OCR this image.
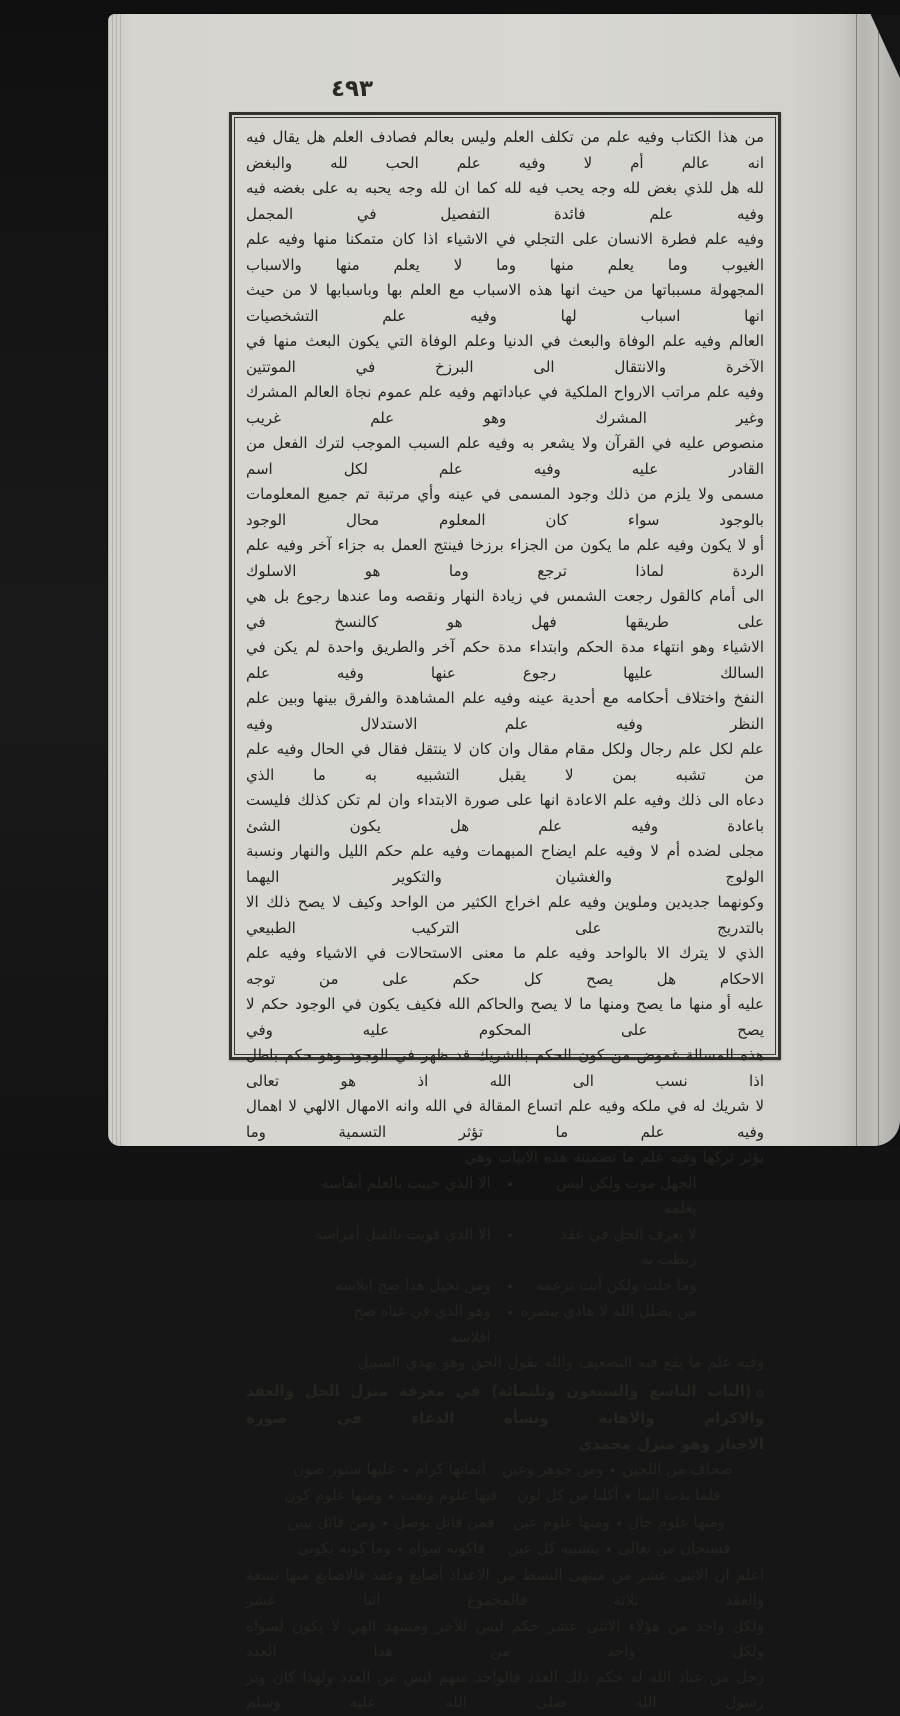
٤٩٣
من هذا الكتاب وفيه علم من تكلف العلم وليس بعالم فصادف العلم هل يقال فيه انه عالم أم لا وفيه علم الحب لله والبغض
لله هل للذي بغض لله وجه يحب فيه لله كما ان لله وجه يحبه به على بغضه فيه وفيه علم فائدة التفصيل في المجمل
وفيه علم فطرة الانسان على التجلي في الاشياء اذا كان متمكنا منها وفيه علم الغيوب وما يعلم منها وما لا يعلم منها والاسباب
المجهولة مسبباتها من حيث انها هذه الاسباب مع العلم بها وباسبابها لا من حيث انها اسباب لها وفيه علم التشخصيات
العالم وفيه علم الوفاة والبعث في الدنيا وعلم الوفاة التي يكون البعث منها في الآخرة والانتقال الى البرزخ في الموتتين
وفيه علم مراتب الارواح الملكية في عباداتهم وفيه علم عموم نجاة العالم المشرك وغير المشرك وهو علم غريب
منصوص عليه في القرآن ولا يشعر به وفيه علم السبب الموجب لترك الفعل من القادر عليه وفيه علم لكل اسم
مسمى ولا يلزم من ذلك وجود المسمى في عينه وأي مرتبة تم جميع المعلومات بالوجود سواء كان المعلوم محال الوجود
أو لا يكون وفيه علم ما يكون من الجزاء برزخا فينتج العمل به جزاء آخر وفيه علم الردة لماذا ترجع وما هو الاسلوك
الى أمام كالقول رجعت الشمس في زيادة النهار ونقصه وما عندها رجوع بل هي على طريقها فهل هو كالنسخ في
الاشياء وهو انتهاء مدة الحكم وابتداء مدة حكم آخر والطريق واحدة لم يكن في السالك عليها رجوع عنها وفيه علم
النفخ واختلاف أحكامه مع أحدية عينه وفيه علم المشاهدة والفرق بينها وبين علم النظر وفيه علم الاستدلال وفيه
علم لكل علم رجال ولكل مقام مقال وان كان لا ينتقل فقال في الحال وفيه علم من تشبه بمن لا يقبل التشبيه به ما الذي
دعاه الى ذلك وفيه علم الاعادة انها على صورة الابتداء وان لم تكن كذلك فليست باعادة وفيه علم هل يكون الشئ
مجلى لضده أم لا وفيه علم ايضاح المبهمات وفيه علم حكم الليل والنهار ونسبة الولوج والغشيان والتكوير اليهما
وكونهما جديدين وملوين وفيه علم اخراج الكثير من الواحد وكيف لا يصح ذلك الا بالتدريج على التركيب الطبيعي
الذي لا يترك الا بالواحد وفيه علم ما معنى الاستحالات في الاشياء وفيه علم الاحكام هل يصح كل حكم على من توجه
عليه أو منها ما يصح ومنها ما لا يصح والحاكم الله فكيف يكون في الوجود حكم لا يصح على المحكوم عليه وفي
هذه المسالة غموض من كون الحكم بالشريك قد ظهر في الوجود وهو حكم باطل اذا نسب الى الله اذ هو تعالى
لا شريك له في ملكه وفيه علم اتساع المقالة في الله وانه الامهال الالهي لا اهمال وفيه علم ما تؤثر التسمية وما
يؤثر تركها وفيه علم ما تضمنته هذه الابيات وهي
الجهل موت ولكن ليس يعلمه
٭
الا الذي حييت بالعلم أنفاسه
لا يعرف الحل في عقد ربطت به
٭
الا الذي قويت بالفتل أمراسه
وما حلت ولكن أنت تزعمه
٭
ومن تخيل هذا صح ابلاسه
من يضلل الله لا هادي يبصره
٭
وهو الذي في غناه صح افلاسه
وفيه علم ما يقع فيه التضعيف والله يقول الحق وهو يهدي السبيل
۞(الباب التاسع والسبعون وثلثمائة) في معرفة منزل الحل والعقد والاكرام والاهانة ونشأة الدعاء في صورة
الاخبار وهو منزل محمدي
صحاف من اللجين
٭
ومن جوهر وعين
أثمانها كرام
٭
عليها ستور صون
فلما بدت الينا
٭
أكلنا من كل لون
فيها علوم ونعت
٭
ومنها علوم كون
ومنها علوم حال
٭
ومنها علوم عين
فمن قائل بوصل
٭
ومن قائل يبين
فسبحان من تعالى
٭
بتشبيه كل عين
فاكونه سواه
٭
وما كونه بكوني
اعلم ان الاثنى عشر من منتهى البسط من الاعداد أصابع وعقد فالاصابع منها تسعة والعقد ثلاثة فالمجموع اثنا عشر
ولكل واحد من هؤلاء الاثنى عشر حكم ليس للآخر ومشهد الهي لا يكون لسواه ولكل واحد من هذا العدد
رجل من عباد الله له حكم ذلك العدد فالواحد منهم ليس من العدد ولهذا كان وتر رسول الله صلى الله عليه وسلم
